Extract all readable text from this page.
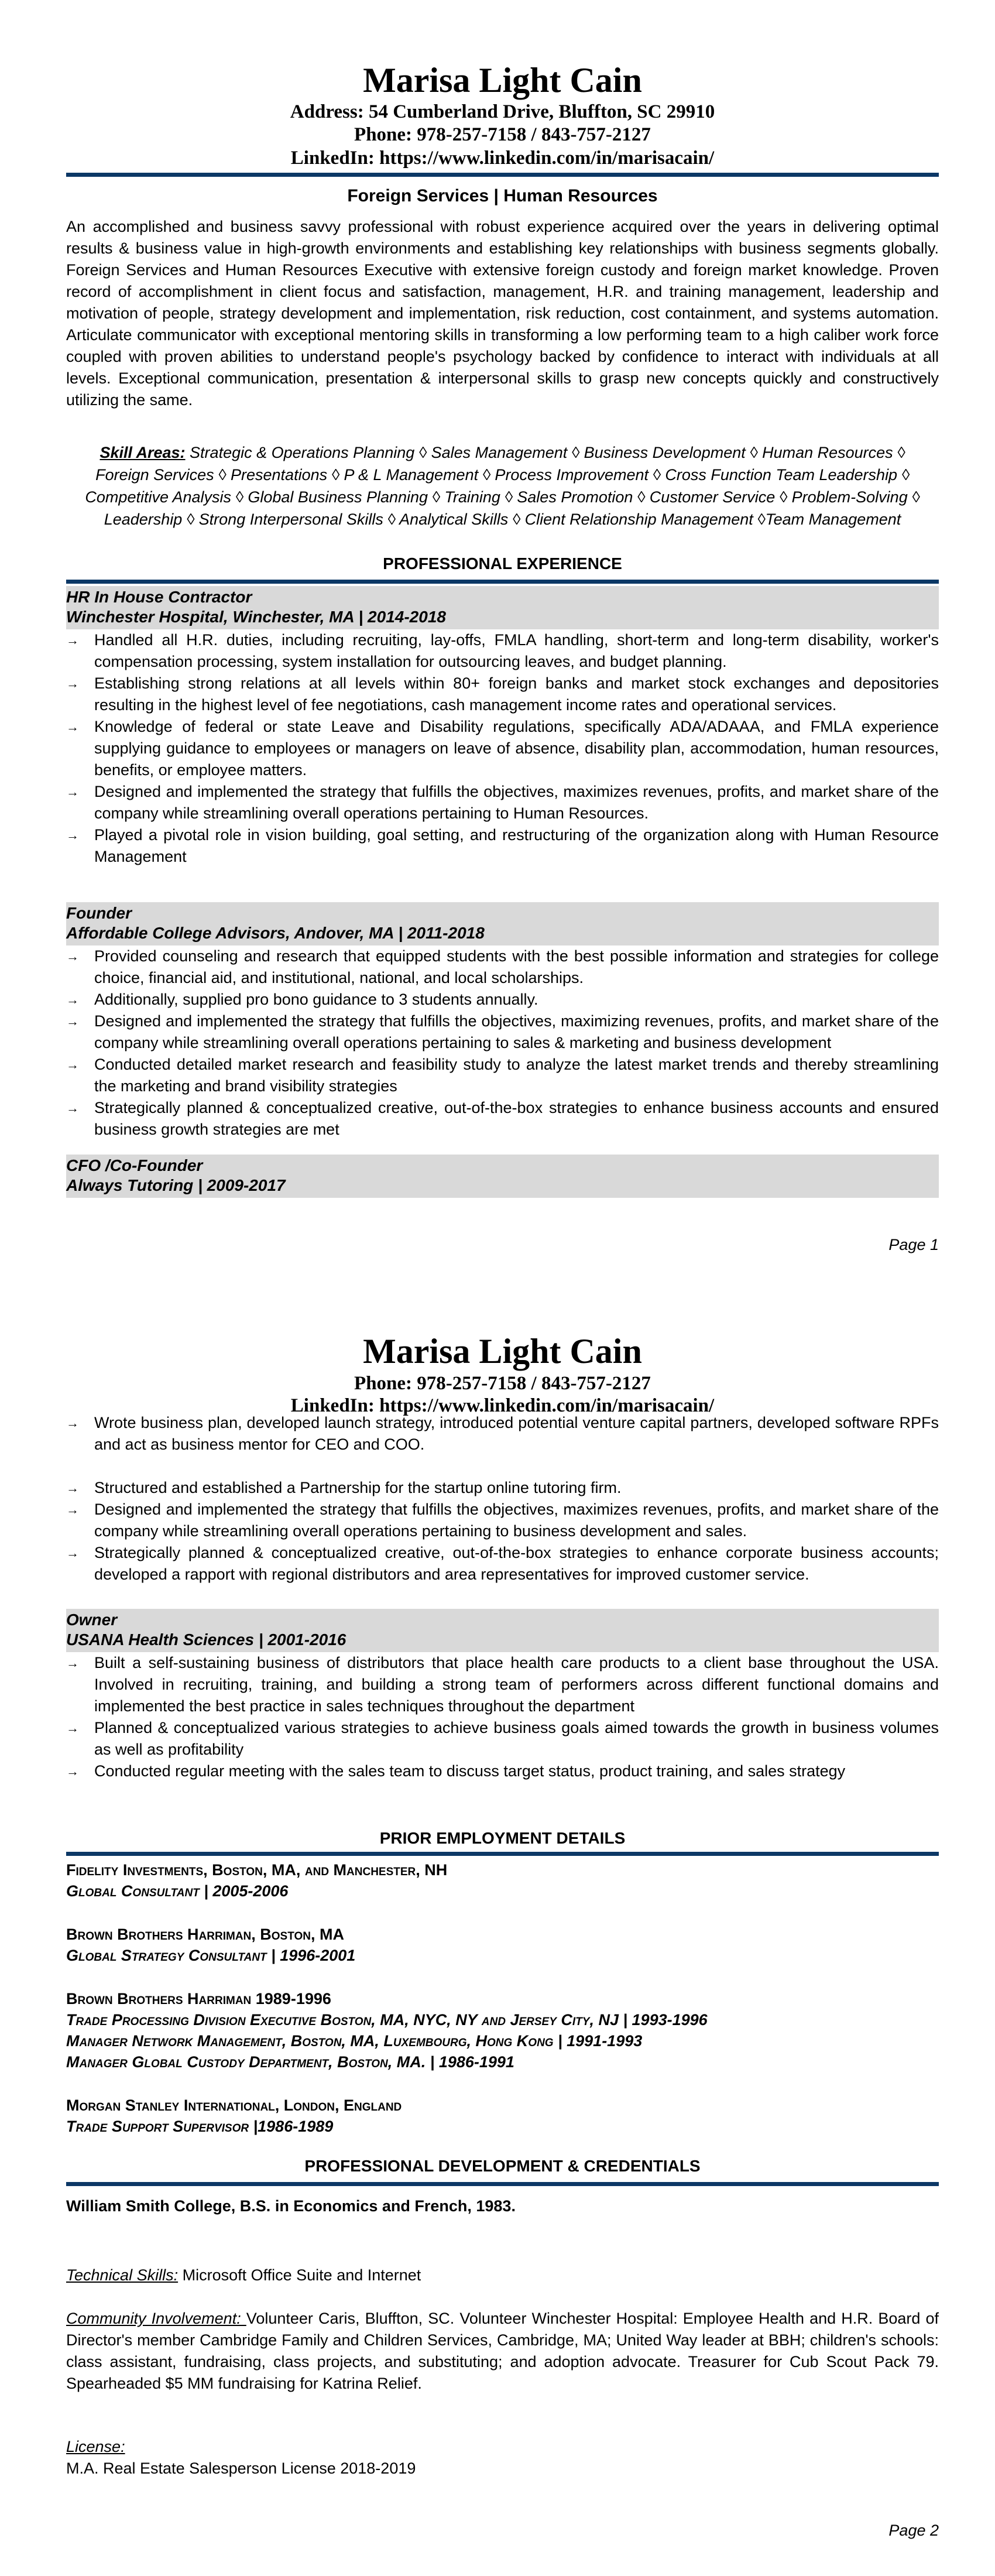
Marisa Light Cain
Address: 54 Cumberland Drive, Bluffton, SC 29910
Phone: 978-257-7158 / 843-757-2127
LinkedIn: https://www.linkedin.com/in/marisacain/
Foreign Services | Human Resources
An accomplished and business savvy professional with robust experience acquired over the years in delivering optimal results & business value in high-growth environments and establishing key relationships with business segments globally. Foreign Services and Human Resources Executive with extensive foreign custody and foreign market knowledge. Proven record of accomplishment in client focus and satisfaction, management, H.R. and training management, leadership and motivation of people, strategy development and implementation, risk reduction, cost containment, and systems automation. Articulate communicator with exceptional mentoring skills in transforming a low performing team to a high caliber work force coupled with proven abilities to understand people's psychology backed by confidence to interact with individuals at all levels. Exceptional communication, presentation & interpersonal skills to grasp new concepts quickly and constructively utilizing the same.
Skill Areas: Strategic & Operations Planning ◊ Sales Management ◊ Business Development ◊ Human Resources ◊ Foreign Services ◊ Presentations ◊ P & L Management ◊ Process Improvement ◊ Cross Function Team Leadership ◊ Competitive Analysis ◊ Global Business Planning ◊ Training ◊ Sales Promotion ◊ Customer Service ◊ Problem-Solving ◊ Leadership ◊ Strong Interpersonal Skills ◊ Analytical Skills ◊ Client Relationship Management ◊Team Management
PROFESSIONAL EXPERIENCE
HR In House Contractor
Winchester Hospital, Winchester, MA | 2014-2018
→ Handled all H.R. duties, including recruiting, lay-offs, FMLA handling, short-term and long-term disability, worker's compensation processing, system installation for outsourcing leaves, and budget planning.
→ Establishing strong relations at all levels within 80+ foreign banks and market stock exchanges and depositories resulting in the highest level of fee negotiations, cash management income rates and operational services.
→ Knowledge of federal or state Leave and Disability regulations, specifically ADA/ADAAA, and FMLA experience supplying guidance to employees or managers on leave of absence, disability plan, accommodation, human resources, benefits, or employee matters.
→ Designed and implemented the strategy that fulfills the objectives, maximizes revenues, profits, and market share of the company while streamlining overall operations pertaining to Human Resources.
→ Played a pivotal role in vision building, goal setting, and restructuring of the organization along with Human Resource Management
Founder
Affordable College Advisors, Andover, MA | 2011-2018
→ Provided counseling and research that equipped students with the best possible information and strategies for college choice, financial aid, and institutional, national, and local scholarships.
→ Additionally, supplied pro bono guidance to 3 students annually.
→ Designed and implemented the strategy that fulfills the objectives, maximizing revenues, profits, and market share of the company while streamlining overall operations pertaining to sales & marketing and business development
→ Conducted detailed market research and feasibility study to analyze the latest market trends and thereby streamlining the marketing and brand visibility strategies
→ Strategically planned & conceptualized creative, out-of-the-box strategies to enhance business accounts and ensured business growth strategies are met
CFO /Co-Founder
Always Tutoring | 2009-2017
Page 1
Marisa Light Cain
Phone: 978-257-7158 / 843-757-2127
LinkedIn: https://www.linkedin.com/in/marisacain/
→ Wrote business plan, developed launch strategy, introduced potential venture capital partners, developed software RPFs and act as business mentor for CEO and COO.
→ Structured and established a Partnership for the startup online tutoring firm.
→ Designed and implemented the strategy that fulfills the objectives, maximizes revenues, profits, and market share of the company while streamlining overall operations pertaining to business development and sales.
→ Strategically planned & conceptualized creative, out-of-the-box strategies to enhance corporate business accounts; developed a rapport with regional distributors and area representatives for improved customer service.
Owner
USANA Health Sciences | 2001-2016
→ Built a self-sustaining business of distributors that place health care products to a client base throughout the USA. Involved in recruiting, training, and building a strong team of performers across different functional domains and implemented the best practice in sales techniques throughout the department
→ Planned & conceptualized various strategies to achieve business goals aimed towards the growth in business volumes as well as profitability
→ Conducted regular meeting with the sales team to discuss target status, product training, and sales strategy
PRIOR EMPLOYMENT DETAILS
Fidelity Investments, Boston, MA, and Manchester, NH
Global Consultant | 2005-2006
Brown Brothers Harriman, Boston, MA
Global Strategy Consultant | 1996-2001
Brown Brothers Harriman 1989-1996
Trade Processing Division Executive Boston, MA, NYC, NY and Jersey City, NJ | 1993-1996
Manager Network Management, Boston, MA, Luxembourg, Hong Kong | 1991-1993
Manager Global Custody Department, Boston, MA. | 1986-1991
Morgan Stanley International, London, England
Trade Support Supervisor |1986-1989
PROFESSIONAL DEVELOPMENT & CREDENTIALS
William Smith College, B.S. in Economics and French, 1983.
Technical Skills: Microsoft Office Suite and Internet
Community Involvement: Volunteer Caris, Bluffton, SC. Volunteer Winchester Hospital: Employee Health and H.R. Board of Director's member Cambridge Family and Children Services, Cambridge, MA; United Way leader at BBH; children's schools: class assistant, fundraising, class projects, and substituting; and adoption advocate. Treasurer for Cub Scout Pack 79. Spearheaded $5 MM fundraising for Katrina Relief.
License:
M.A. Real Estate Salesperson License 2018-2019
Page 2
